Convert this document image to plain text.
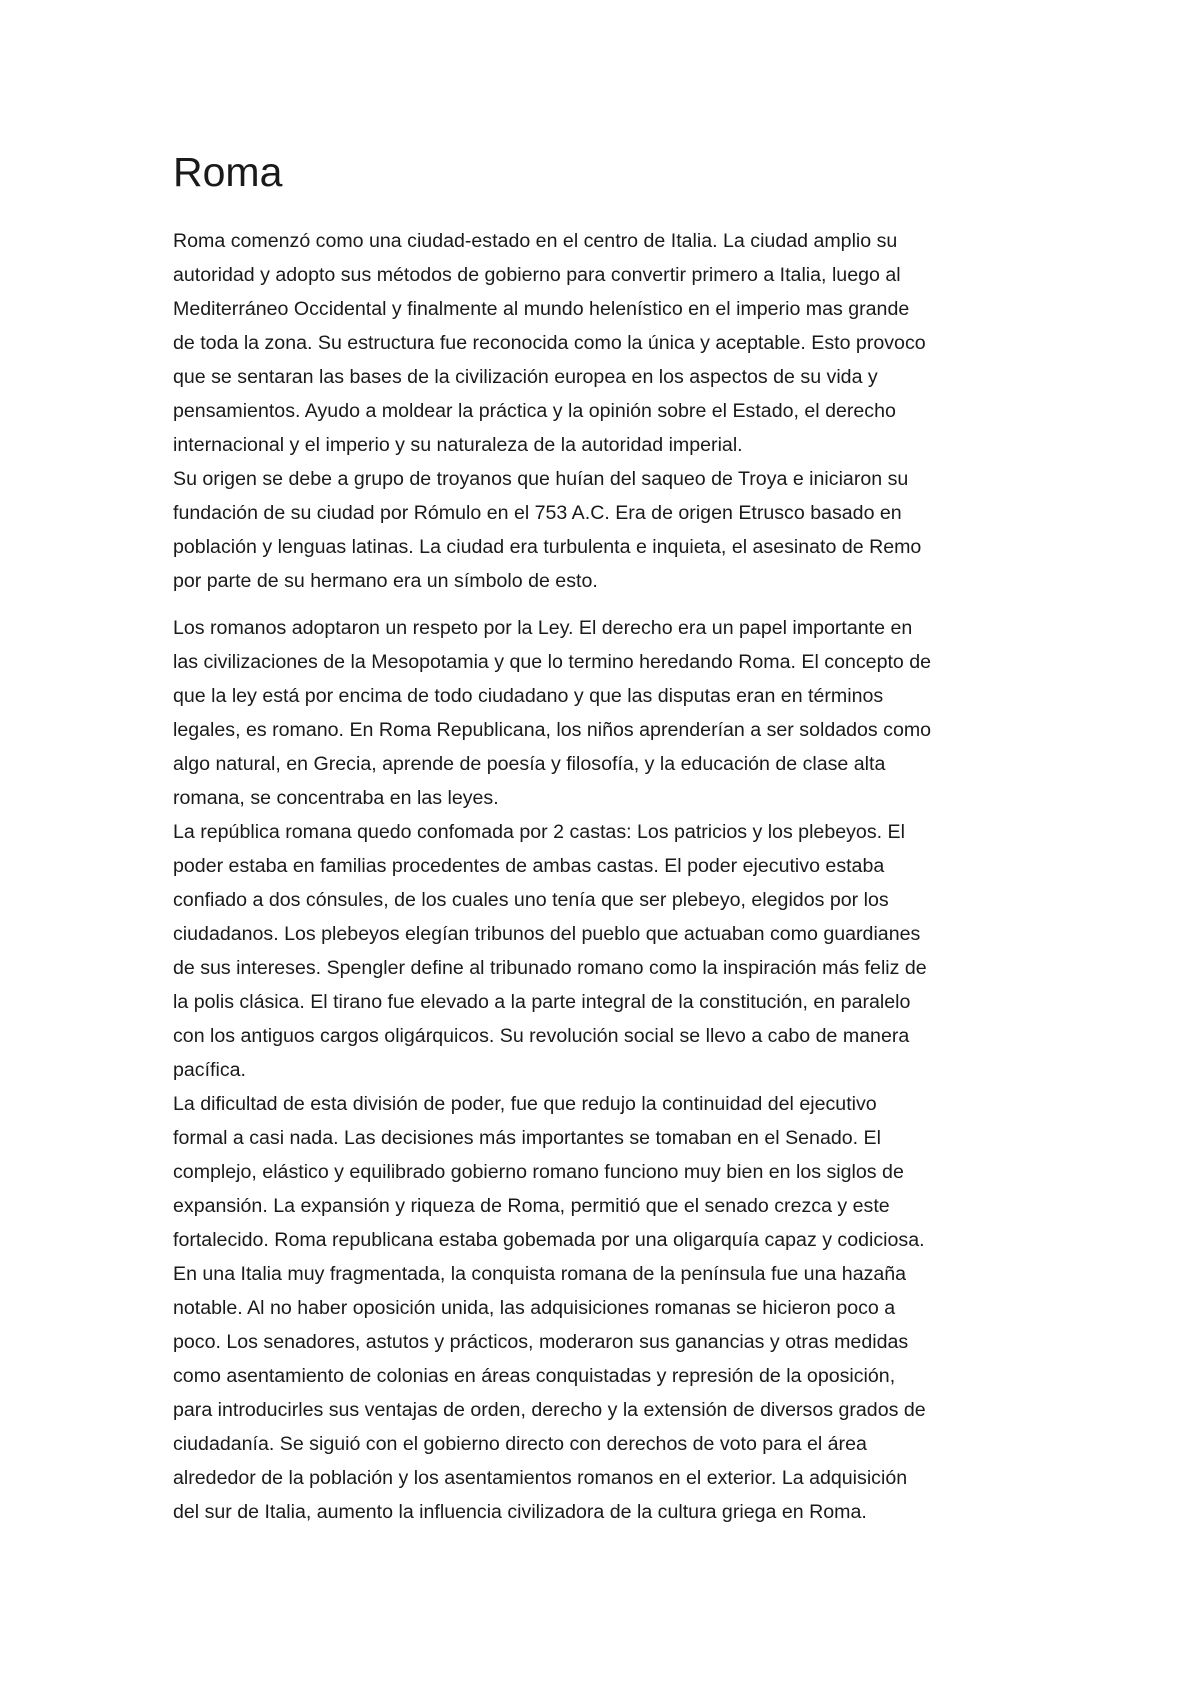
Roma

Roma comenzó como una ciudad-estado en el centro de Italia. La ciudad amplio su
autoridad y adopto sus métodos de gobierno para convertir primero a Italia, luego al
Mediterráneo Occidental y finalmente al mundo helenístico en el imperio mas grande
de toda la zona. Su estructura fue reconocida como la única y aceptable. Esto provoco
que se sentaran las bases de la civilización europea en los aspectos de su vida y
pensamientos. Ayudo a moldear la práctica y la opinión sobre el Estado, el derecho
internacional y el imperio y su naturaleza de la autoridad imperial.

Su origen se debe a grupo de troyanos que huían del saqueo de Troya e iniciaron su
fundación de su ciudad por Rómulo en el 753 A.C. Era de origen Etrusco basado en
población y lenguas latinas. La ciudad era turbulenta e inquieta, el asesinato de Remo
por parte de su hermano era un símbolo de esto.

Los romanos adoptaron un respeto por la Ley. El derecho era un papel importante en
las civilizaciones de la Mesopotamia y que lo termino heredando Roma. El concepto de
que la ley está por encima de todo ciudadano y que las disputas eran en términos
legales, es romano. En Roma Republicana, los niños aprenderían a ser soldados como
algo natural, en Grecia, aprende de poesía y filosofía, y la educación de clase alta
romana, se concentraba en las leyes.

La república romana quedo confomada por 2 castas: Los patricios y los plebeyos. El
poder estaba en familias procedentes de ambas castas. El poder ejecutivo estaba
confiado a dos cónsules, de los cuales uno tenía que ser plebeyo, elegidos por los
ciudadanos. Los plebeyos elegían tribunos del pueblo que actuaban como guardianes
de sus intereses. Spengler define al tribunado romano como la inspiración más feliz de
la polis clásica. El tirano fue elevado a la parte integral de la constitución, en paralelo
con los antiguos cargos oligárquicos. Su revolución social se llevo a cabo de manera
pacífica.

La dificultad de esta división de poder, fue que redujo la continuidad del ejecutivo
formal a casi nada. Las decisiones más importantes se tomaban en el Senado. El
complejo, elástico y equilibrado gobierno romano funciono muy bien en los siglos de
expansión. La expansión y riqueza de Roma, permitió que el senado crezca y este
fortalecido. Roma republicana estaba gobemada por una oligarquía capaz y codiciosa.
En una Italia muy fragmentada, la conquista romana de la península fue una hazaña
notable. Al no haber oposición unida, las adquisiciones romanas se hicieron poco a
poco. Los senadores, astutos y prácticos, moderaron sus ganancias y otras medidas
como asentamiento de colonias en áreas conquistadas y represión de la oposición,
para introducirles sus ventajas de orden, derecho y la extensión de diversos grados de
ciudadanía. Se siguió con el gobierno directo con derechos de voto para el área
alrededor de la población y los asentamientos romanos en el exterior. La adquisición
del sur de Italia, aumento la influencia civilizadora de la cultura griega en Roma.
